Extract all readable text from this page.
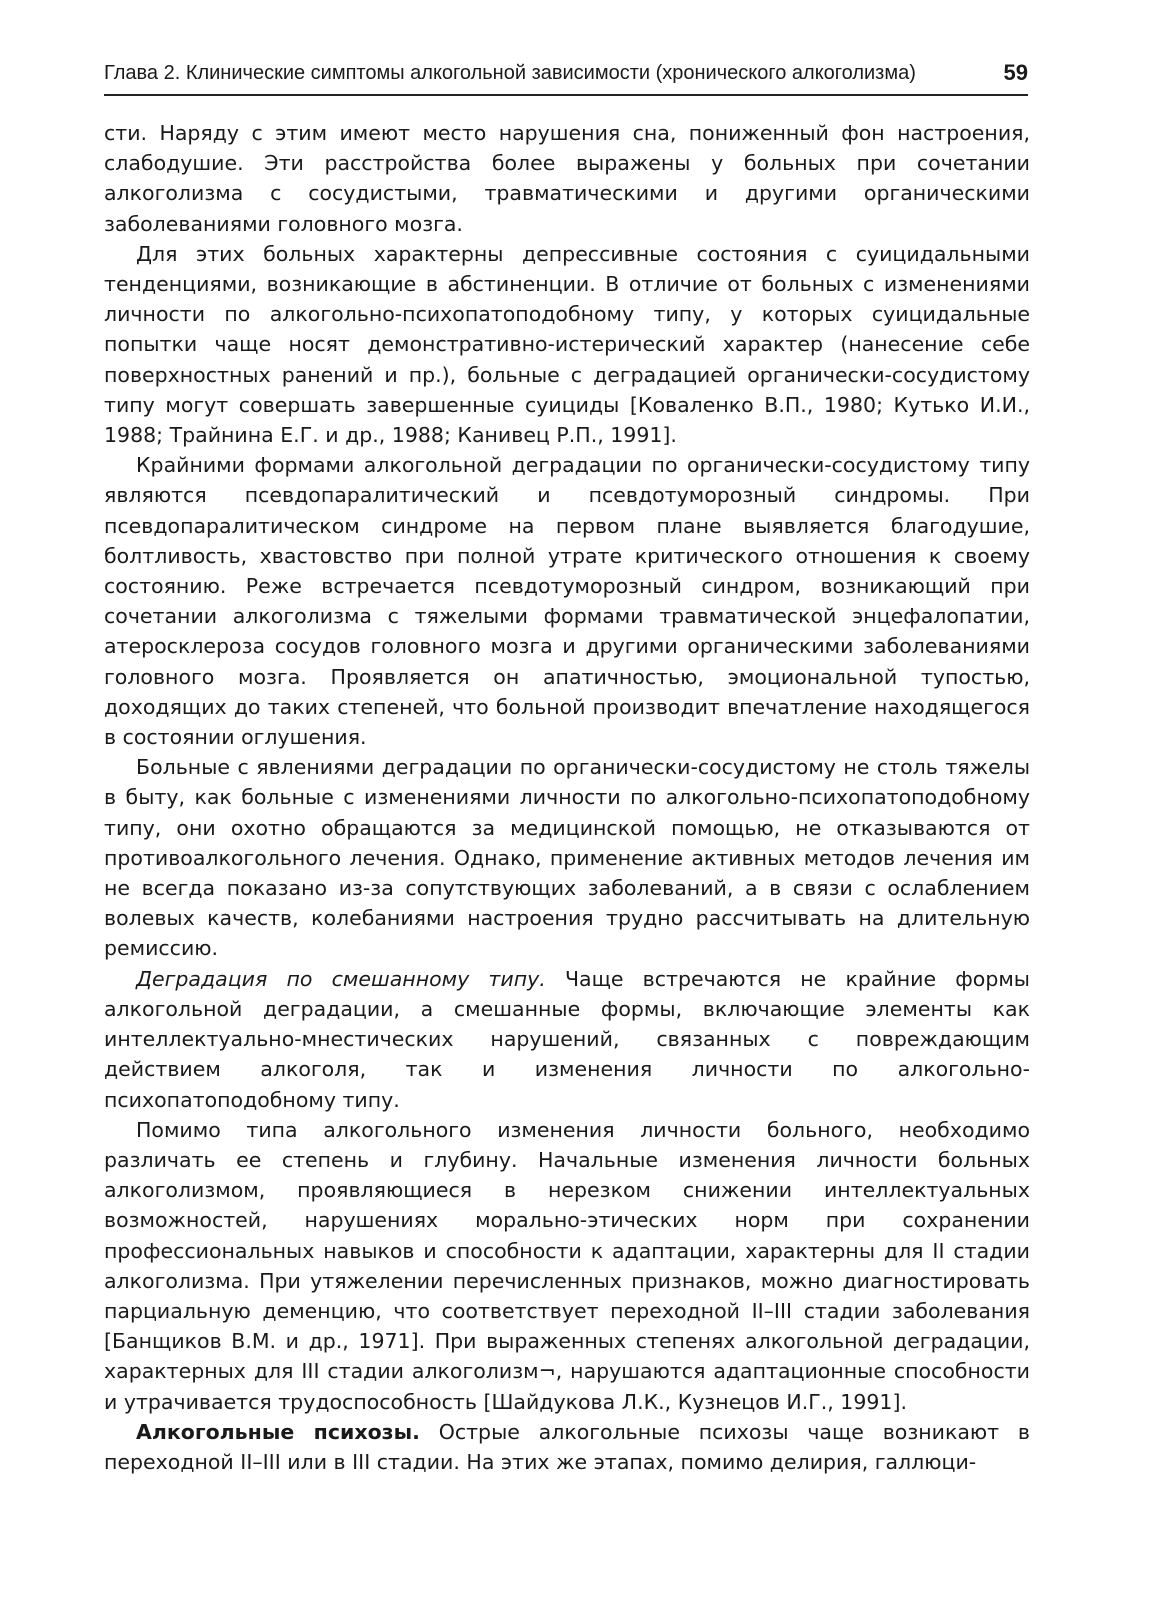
Глава 2. Клинические симптомы алкогольной зависимости (хронического алкоголизма)	59

сти. Наряду с этим имеют место нарушения сна, пониженный фон настроения, слабодушие. Эти расстройства более выражены у больных при сочетании алкоголизма с сосудистыми, травматическими и другими органическими заболеваниями головного мозга.

Для этих больных характерны депрессивные состояния с суицидальными тенденциями, возникающие в абстиненции. В отличие от больных с изменениями личности по алкогольно-психопатоподобному типу, у которых суицидальные попытки чаще носят демонстративно-истерический характер (нанесение себе поверхностных ранений и пр.), больные с деградацией органически-сосудистому типу могут совершать завершенные суициды [Коваленко В.П., 1980; Кутько И.И., 1988; Трайнина Е.Г. и др., 1988; Канивец Р.П., 1991].

Крайними формами алкогольной деградации по органически-сосудистому типу являются псевдопаралитический и псевдотуморозный синдромы. При псевдопаралитическом синдроме на первом плане выявляется благодушие, болтливость, хвастовство при полной утрате критического отношения к своему состоянию. Реже встречается псевдотуморозный синдром, возникающий при сочетании алкоголизма с тяжелыми формами травматической энцефалопатии, атеросклероза сосудов головного мозга и другими органическими заболеваниями головного мозга. Проявляется он апатичностью, эмоциональной тупостью, доходящих до таких степеней, что больной производит впечатление находящегося в состоянии оглушения.

Больные с явлениями деградации по органически-сосудистому не столь тяжелы в быту, как больные с изменениями личности по алкогольно-психопатоподобному типу, они охотно обращаются за медицинской помощью, не отказываются от противоалкогольного лечения. Однако, применение активных методов лечения им не всегда показано из-за сопутствующих заболеваний, а в связи с ослаблением волевых качеств, колебаниями настроения трудно рассчитывать на длительную ремиссию.

Деградация по смешанному типу. Чаще встречаются не крайние формы алкогольной деградации, а смешанные формы, включающие элементы как интеллектуально-мнестических нарушений, связанных с повреждающим действием алкоголя, так и изменения личности по алкогольно-психопатоподобному типу.

Помимо типа алкогольного изменения личности больного, необходимо различать ее степень и глубину. Начальные изменения личности больных алкоголизмом, проявляющиеся в нерезком снижении интеллектуальных возможностей, нарушениях морально-этических норм при сохранении профессиональных навыков и способности к адаптации, характерны для II стадии алкоголизма. При утяжелении перечисленных признаков, можно диагностировать парциальную деменцию, что соответствует переходной II–III стадии заболевания [Банщиков В.М. и др., 1971]. При выраженных степенях алкогольной деградации, характерных для III стадии алкоголизм¬, нарушаются адаптационные способности и утрачивается трудоспособность [Шайдукова Л.К., Кузнецов И.Г., 1991].

Алкогольные психозы. Острые алкогольные психозы чаще возникают в переходной II–III или в III стадии. На этих же этапах, помимо делирия, галлюци-
